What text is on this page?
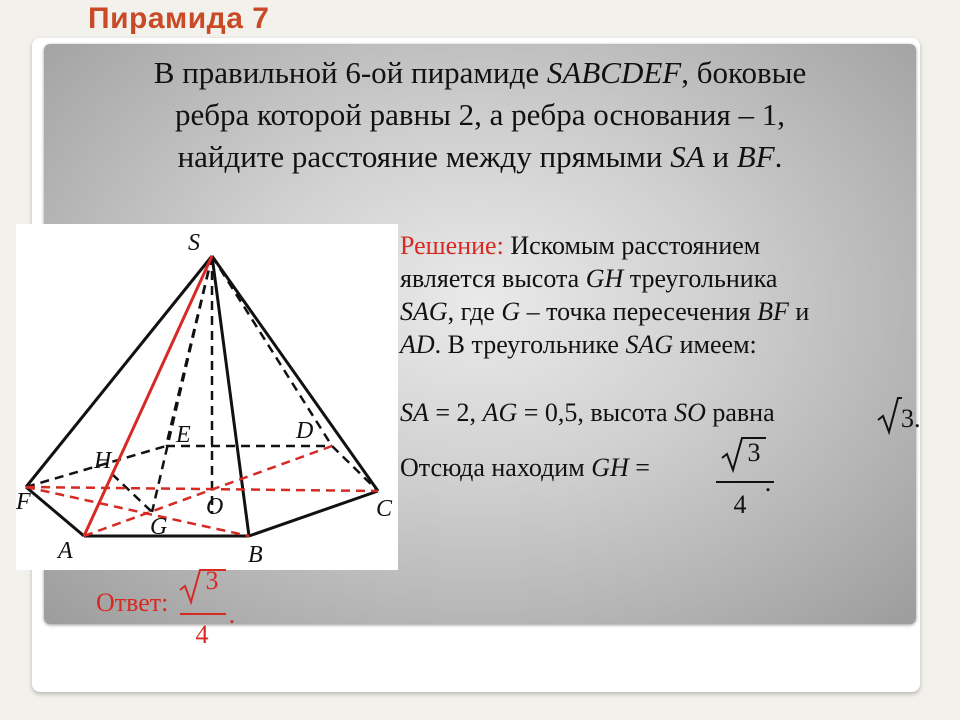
Пирамида 7
В правильной 6-ой пирамиде SABCDEF, боковые
ребра которой равны 2, а ребра основания – 1,
найдите расстояние между прямыми SA и BF.
S
E	D
H
F	O	C
G
A	B
Решение: Искомым расстоянием
является высота GH треугольника
SAG, где G – точка пересечения BF и
AD. В треугольнике SAG имеем:
SA = 2, AG = 0,5, высота SO равна	3.
Отсюда находим GH =
3
4
.
Ответ:
3
4
.
